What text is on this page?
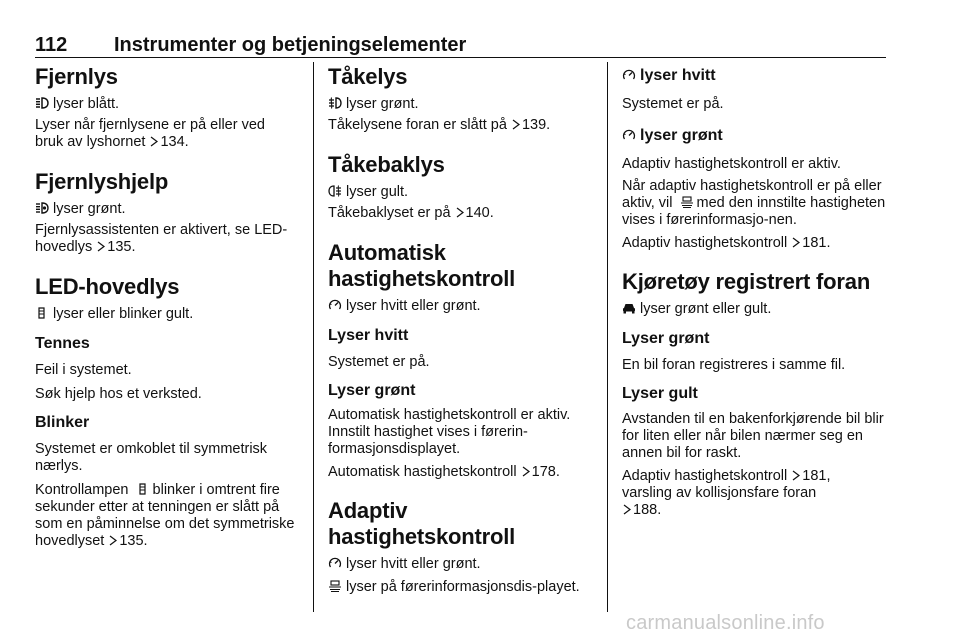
112 Instrumenter og betjeningselementer
Fjernlys

lyser blått.

Lyser når fjernlysene er på eller ved bruk av lyshornet 134.

Fjernlyshjelp

lyser grønt.

Fjernlysassistenten er aktivert, se LED-hovedlys 135.

LED-hovedlys

lyser eller blinker gult.

Tennes

Feil i systemet.

Søk hjelp hos et verksted.

Blinker

Systemet er omkoblet til symmetrisk nærlys.

Kontrollampen blinker i omtrent fire sekunder etter at tenningen er slått på som en påminnelse om det symmetriske hovedlyset 135.

Tåkelys

lyser grønt.

Tåkelysene foran er slått på 139.

Tåkebaklys

lyser gult.

Tåkebaklyset er på 140.

Automatisk
hastighetskontroll

lyser hvitt eller grønt.

Lyser hvitt

Systemet er på.

Lyser grønt

Automatisk hastighetskontroll er aktiv. Innstilt hastighet vises i førerin-formasjonsdisplayet.

Automatisk hastighetskontroll 178.

Adaptiv hastighetskontroll

lyser hvitt eller grønt.

lyser på førerinformasjonsdis-playet.

lyser hvitt

Systemet er på.

lyser grønt

Adaptiv hastighetskontroll er aktiv.

Når adaptiv hastighetskontroll er på eller aktiv, vil med den innstilte hastigheten vises i førerinformasjo-nen.

Adaptiv hastighetskontroll 181.

Kjøretøy registrert foran

lyser grønt eller gult.

Lyser grønt

En bil foran registreres i samme fil.

Lyser gult

Avstanden til en bakenforkjørende bil blir for liten eller når bilen nærmer seg en annen bil for raskt.

Adaptiv hastighetskontroll 181,
varsling av kollisjonsfare foran
188.

carmanualsonline.info
